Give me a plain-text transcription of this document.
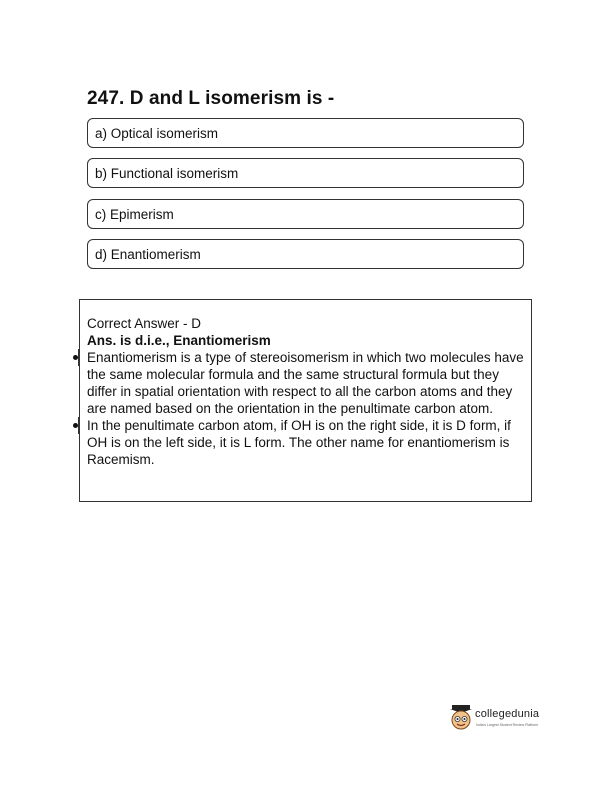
247. D and L isomerism is -
a) Optical isomerism
b) Functional isomerism
c) Epimerism
d) Enantiomerism

Correct Answer - D

Ans. is d.i.e., Enantiomerism

Enantiomerism is a type of stereoisomerism in which two molecules have the same molecular formula and the same structural formula but they differ in spatial orientation with respect to all the carbon atoms and they are named based on the orientation in the penultimate carbon atom.

In the penultimate carbon atom, if OH is on the right side, it is D form, if OH is on the left side, it is L form. The other name for enantiomerism is Racemism.

collegedunia
India's Largest Student Review Platform
